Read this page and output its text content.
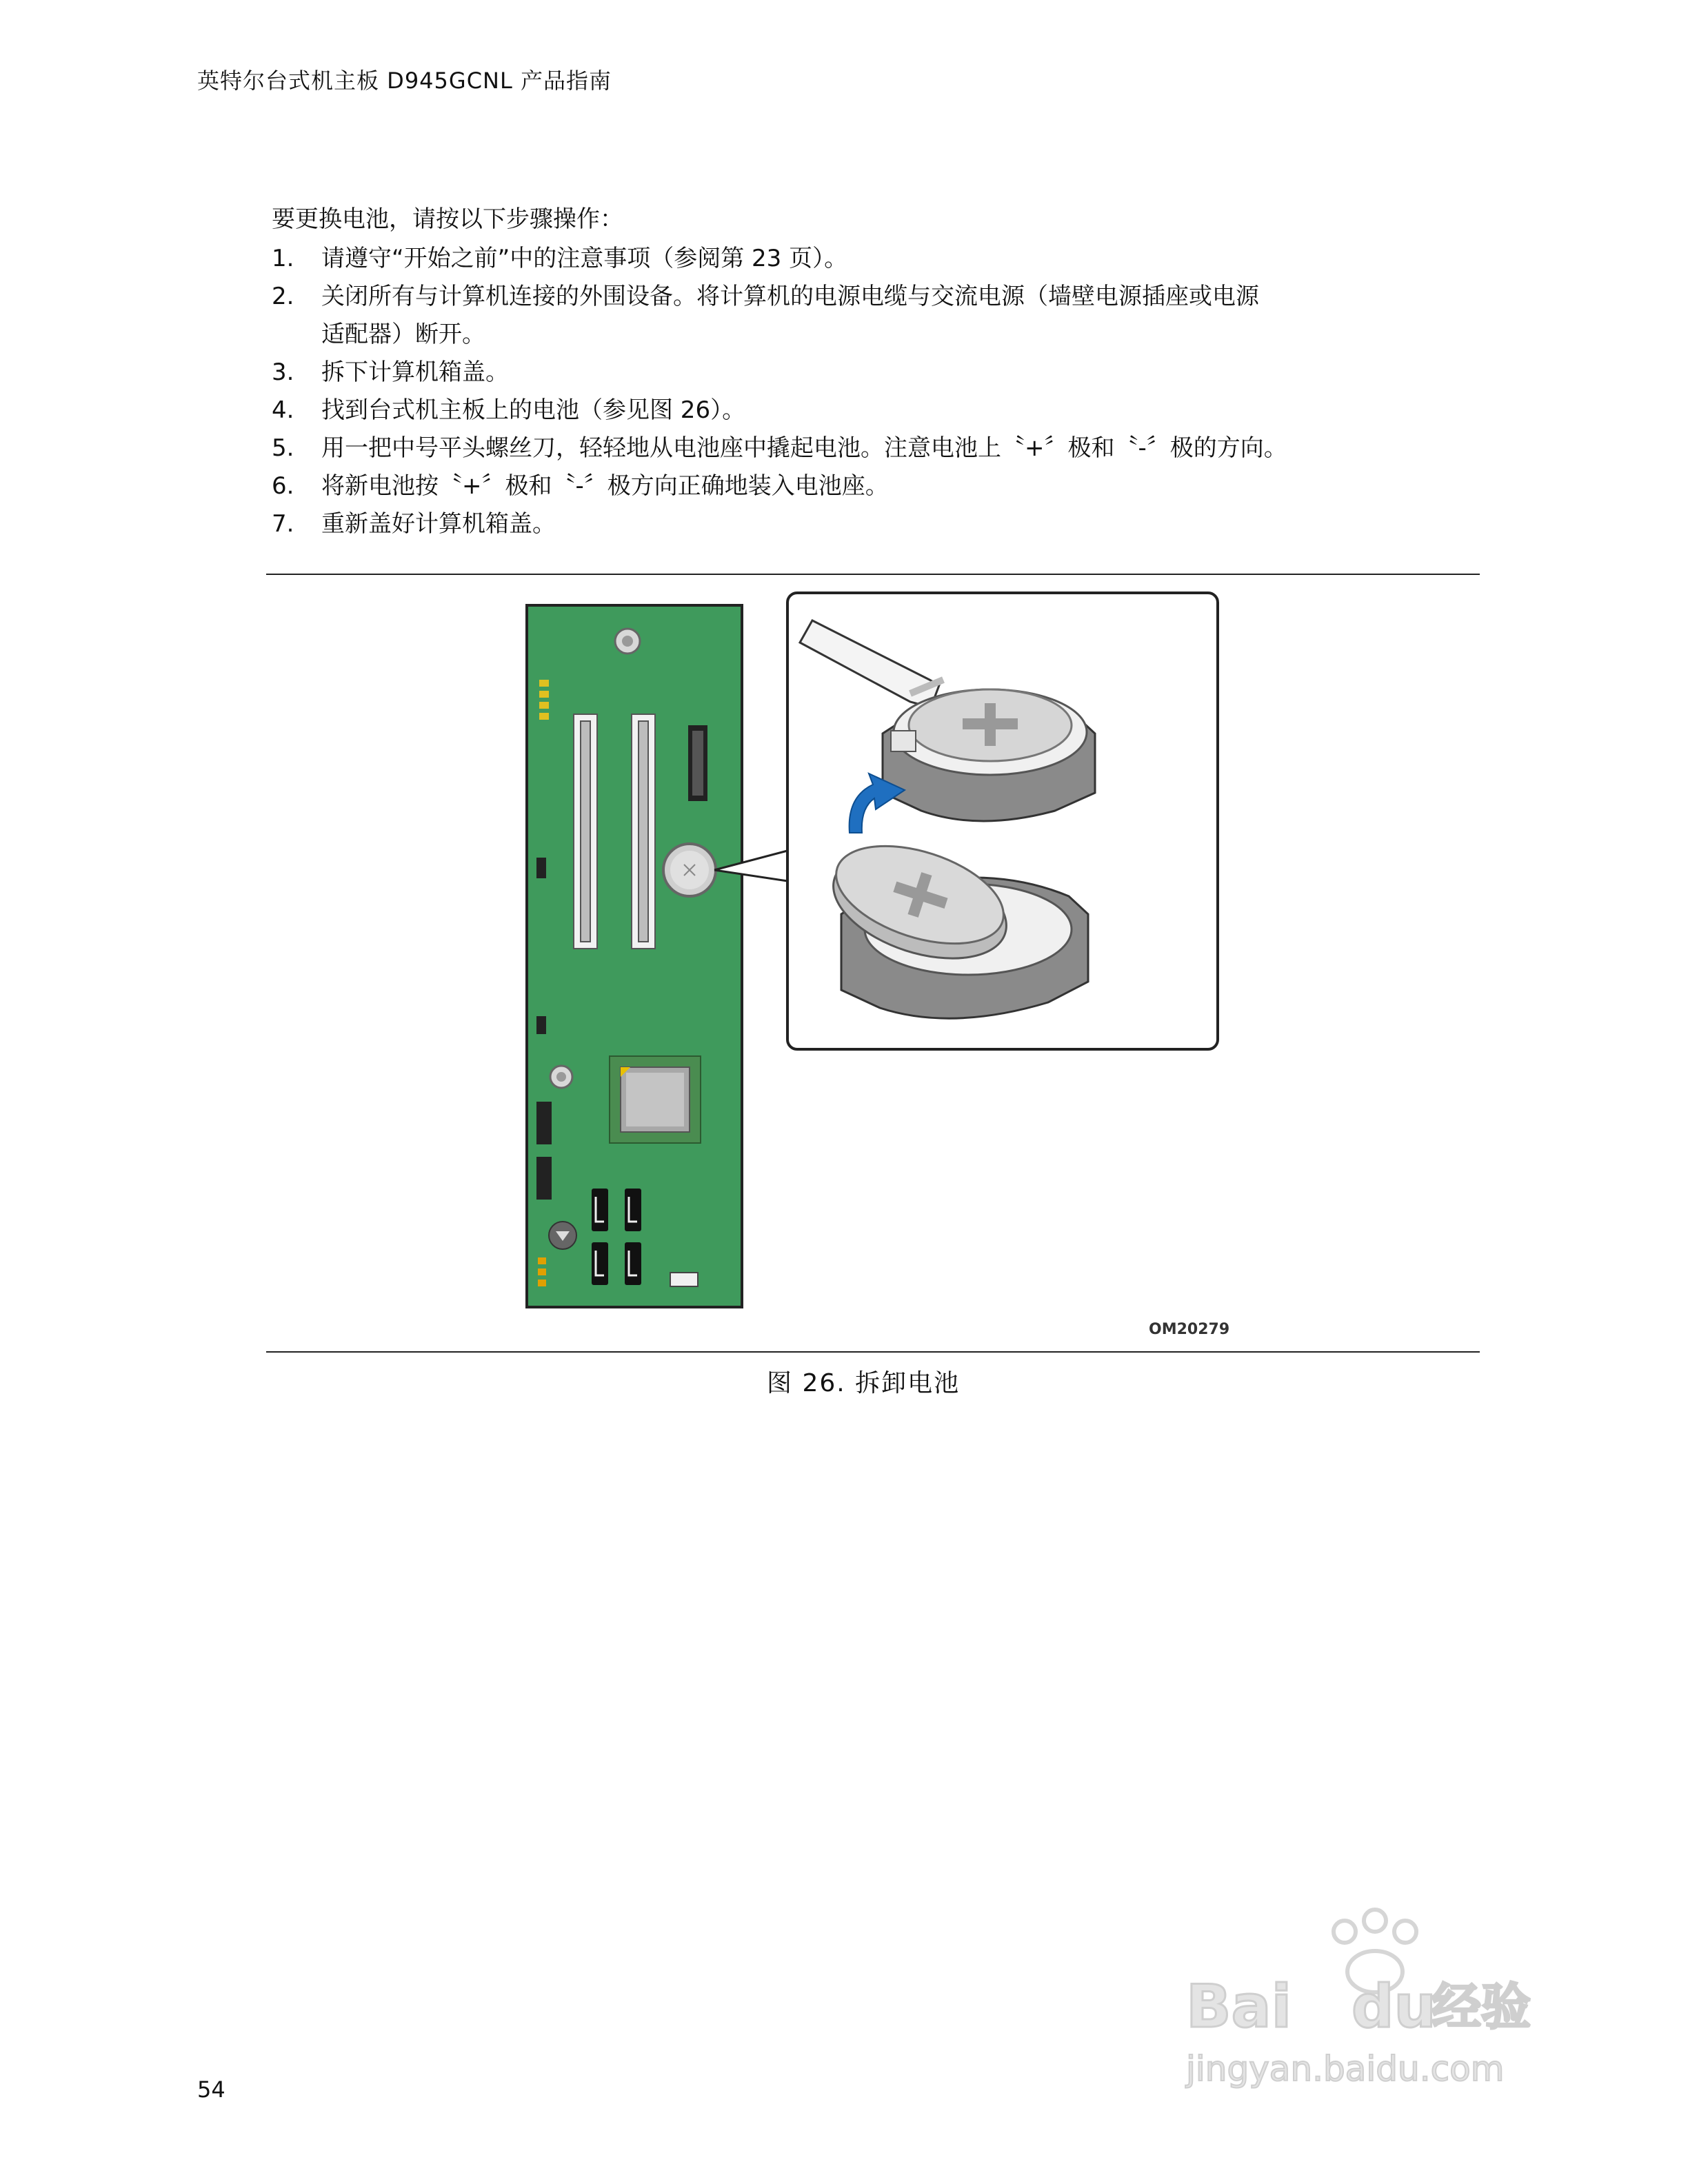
英特尔台式机主板 D945GCNL 产品指南
要更换电池，请按以下步骤操作：
1.	请遵守“开始之前”中的注意事项（参阅第 23 页）。
2.	关闭所有与计算机连接的外围设备。将计算机的电源电缆与交流电源（墙壁电源插座或电源适配器）断开。
3.	拆下计算机箱盖。
4.	找到台式机主板上的电池（参见图 26）。
5.	用一把中号平头螺丝刀，轻轻地从电池座中撬起电池。注意电池上〝+〞极和〝-〞极的方向。
6.	将新电池按〝+〞极和〝-〞极方向正确地装入电池座。
7.	重新盖好计算机箱盖。
OM20279
图 26. 拆卸电池
54
Bai du
经验
jingyan.baidu.com
